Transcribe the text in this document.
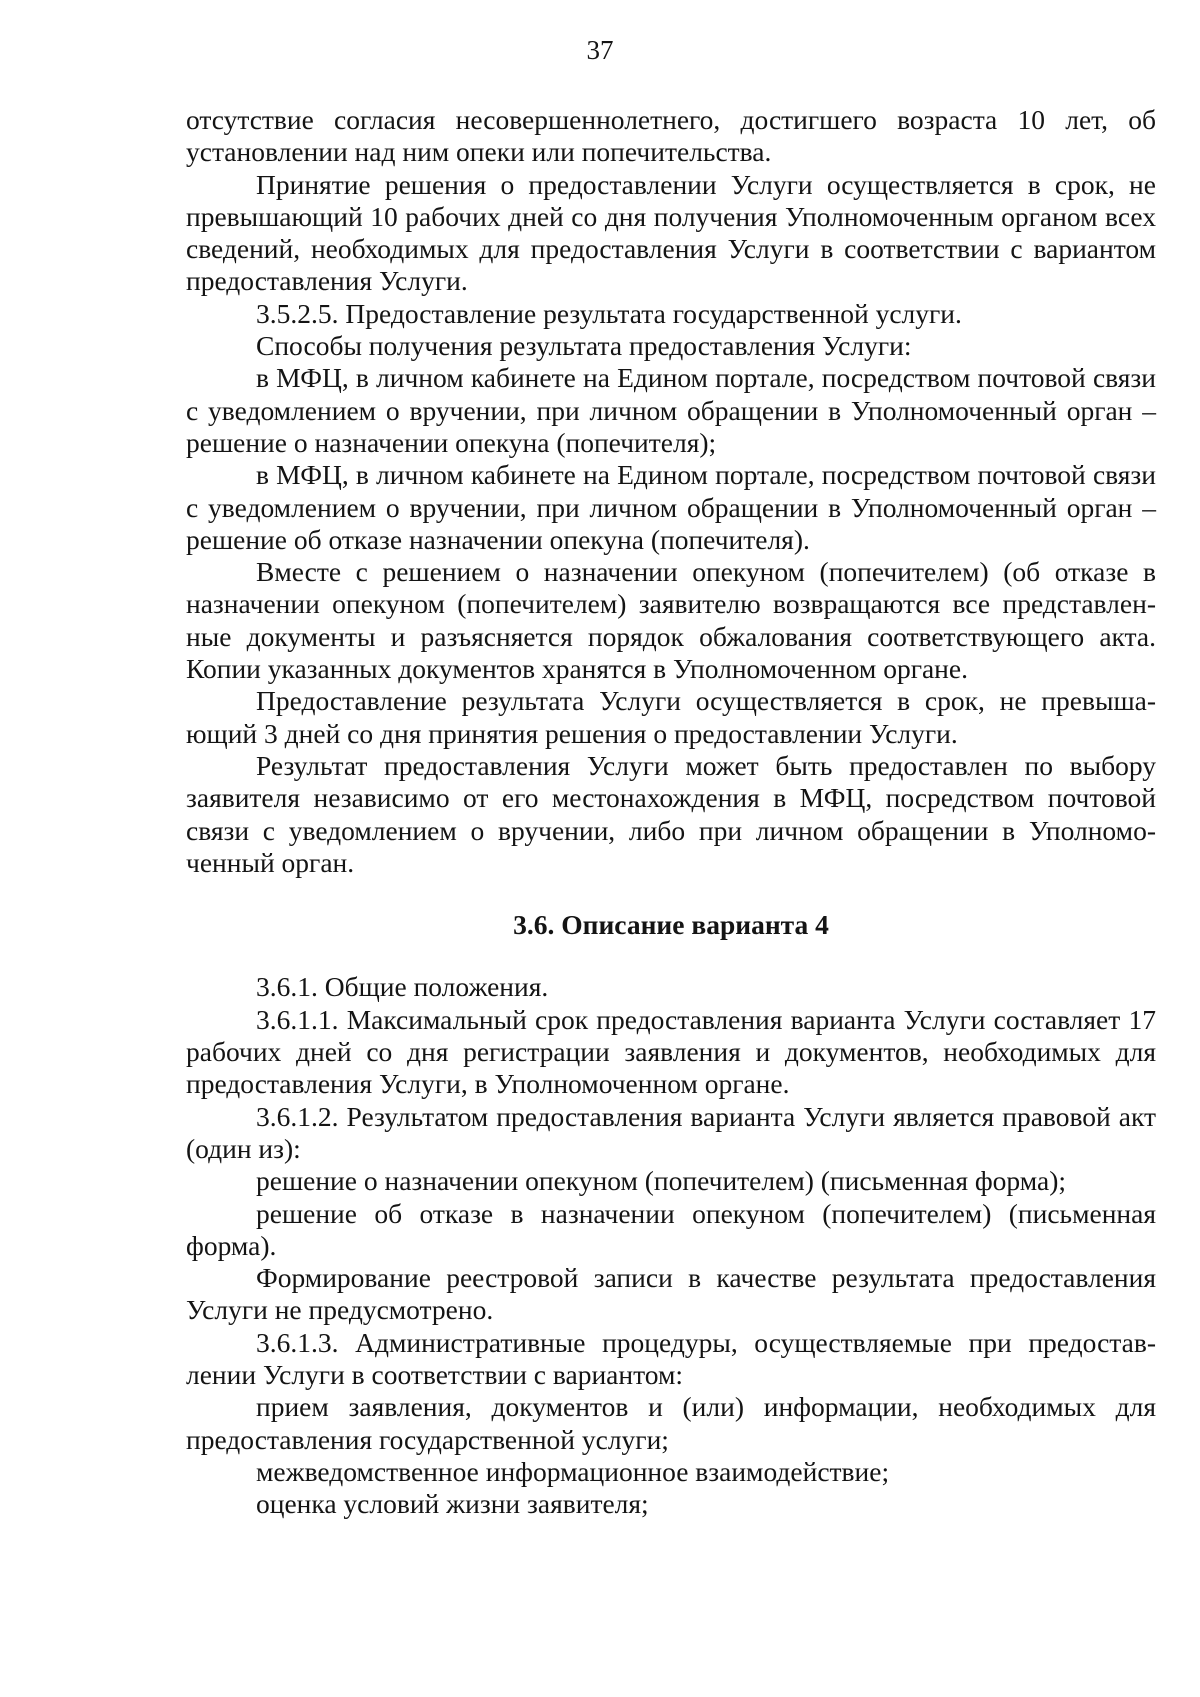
37

отсутствие согласия несовершеннолетнего, достигшего возраста 10 лет, об установлении над ним опеки или попечительства.

Принятие решения о предоставлении Услуги осуществляется в срок, не превышающий 10 рабочих дней со дня получения Уполномоченным органом всех сведений, необходимых для предоставления Услуги в соответствии с вариантом предоставления Услуги.

3.5.2.5. Предоставление результата государственной услуги.

Способы получения результата предоставления Услуги:

в МФЦ, в личном кабинете на Едином портале, посредством почтовой связи с уведомлением о вручении, при личном обращении в Уполномоченный орган – решение о назначении опекуна (попечителя);

в МФЦ, в личном кабинете на Едином портале, посредством почтовой связи с уведомлением о вручении, при личном обращении в Уполномоченный орган – решение об отказе назначении опекуна (попечителя).

Вместе с решением о назначении опекуном (попечителем) (об отказе в назначении опекуном (попечителем) заявителю возвращаются все представленные документы и разъясняется порядок обжалования соответствующего акта. Копии указанных документов хранятся в Уполномоченном органе.

Предоставление результата Услуги осуществляется в срок, не превышающий 3 дней со дня принятия решения о предоставлении Услуги.

Результат предоставления Услуги может быть предоставлен по выбору заявителя независимо от его местонахождения в МФЦ, посредством почтовой связи с уведомлением о вручении, либо при личном обращении в Уполномоченный орган.

3.6. Описание варианта 4

3.6.1. Общие положения.

3.6.1.1. Максимальный срок предоставления варианта Услуги составляет 17 рабочих дней со дня регистрации заявления и документов, необходимых для предоставления Услуги, в Уполномоченном органе.

3.6.1.2. Результатом предоставления варианта Услуги является правовой акт (один из):

решение о назначении опекуном (попечителем) (письменная форма);

решение об отказе в назначении опекуном (попечителем) (письменная форма).

Формирование реестровой записи в качестве результата предоставления Услуги не предусмотрено.

3.6.1.3. Административные процедуры, осуществляемые при предоставлении Услуги в соответствии с вариантом:

прием заявления, документов и (или) информации, необходимых для предоставления государственной услуги;

межведомственное информационное взаимодействие;

оценка условий жизни заявителя;
